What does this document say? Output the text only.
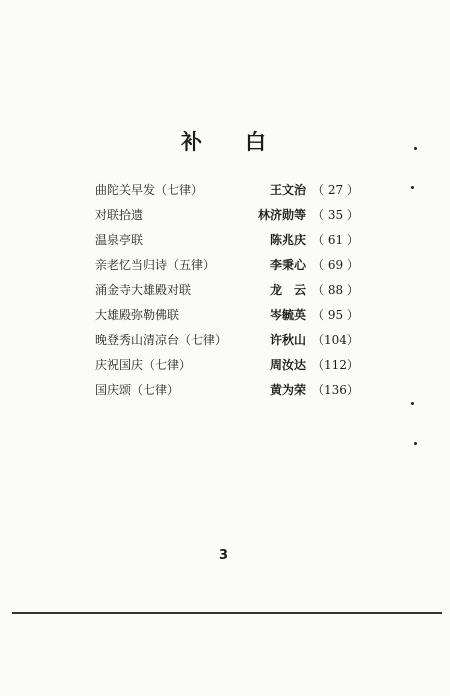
补 白
曲陀关早发（七律）	王文治 （ 27 ）
对联拾遗	林济勋等 （ 35 ）
温泉亭联	陈兆庆 （ 61 ）
亲老忆当归诗（五律）	李秉心 （ 69 ）
涌金寺大雄殿对联	龙　云 （ 88 ）
大雄殿弥勒佛联	岑毓英 （ 95 ）
晚登秀山清凉台（七律）	许秋山 （104）
庆祝国庆（七律）	周汝达 （112）
国庆颂（七律）	黄为荣 （136）
3
